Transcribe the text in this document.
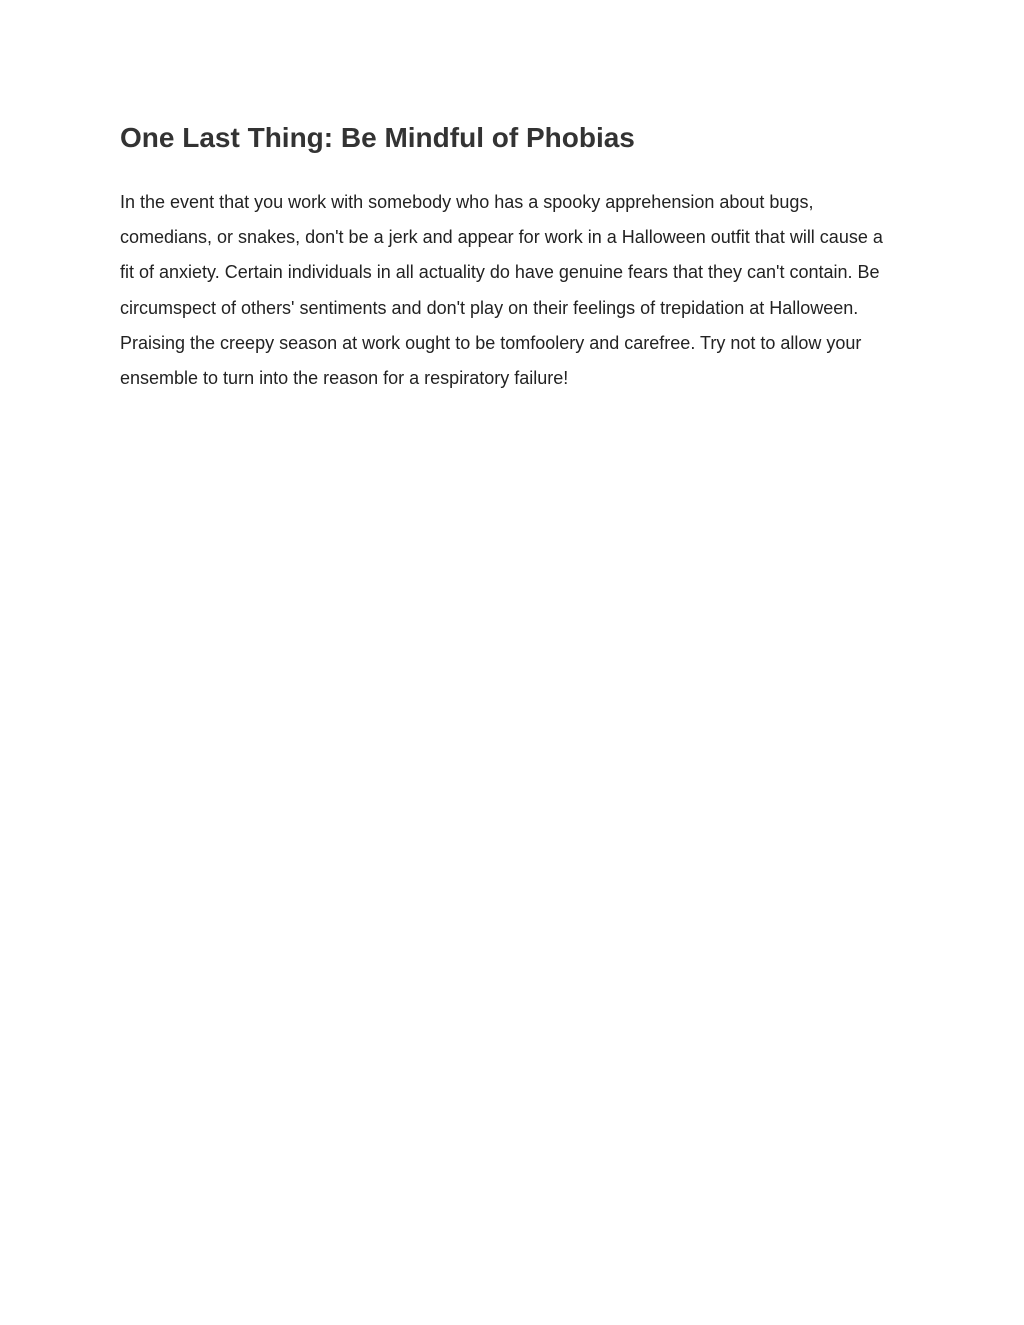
One Last Thing: Be Mindful of Phobias

In the event that you work with somebody who has a spooky apprehension about bugs,
comedians, or snakes, don't be a jerk and appear for work in a Halloween outfit that will cause a
fit of anxiety. Certain individuals in all actuality do have genuine fears that they can't contain. Be
circumspect of others' sentiments and don't play on their feelings of trepidation at Halloween.
Praising the creepy season at work ought to be tomfoolery and carefree. Try not to allow your
ensemble to turn into the reason for a respiratory failure!
